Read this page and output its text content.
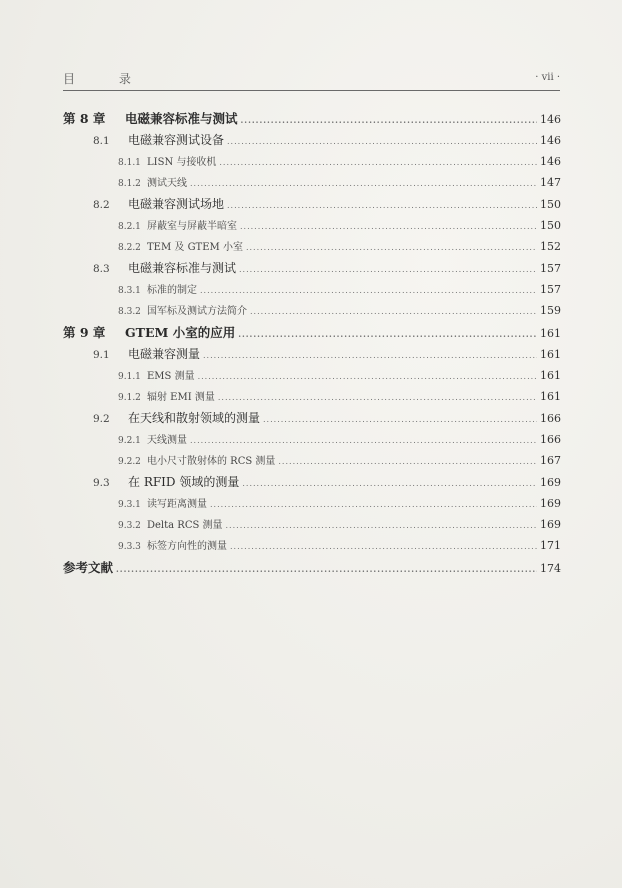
目 录	· vii ·
第 8 章	电磁兼容标准与测试 .....	146
8.1	电磁兼容测试设备 .....	146
8.1.1 LISN 与接收机 .....	146
8.1.2 测试天线 .....	147
8.2	电磁兼容测试场地 .....	150
8.2.1 屏蔽室与屏蔽半暗室 .....	150
8.2.2 TEM 及 GTEM 小室 .....	152
8.3	电磁兼容标准与测试 .....	157
8.3.1 标准的制定 .....	157
8.3.2 国军标及测试方法简介 .....	159
第 9 章	GTEM 小室的应用 .....	161
9.1	电磁兼容测量 .....	161
9.1.1 EMS 测量 .....	161
9.1.2 辐射 EMI 测量 .....	161
9.2	在天线和散射领域的测量 .....	166
9.2.1 天线测量 .....	166
9.2.2 电小尺寸散射体的 RCS 测量 .....	167
9.3	在 RFID 领域的测量 .....	169
9.3.1 读写距离测量 .....	169
9.3.2 Delta RCS 测量 .....	169
9.3.3 标签方向性的测量 .....	171
参考文献 .....	174
